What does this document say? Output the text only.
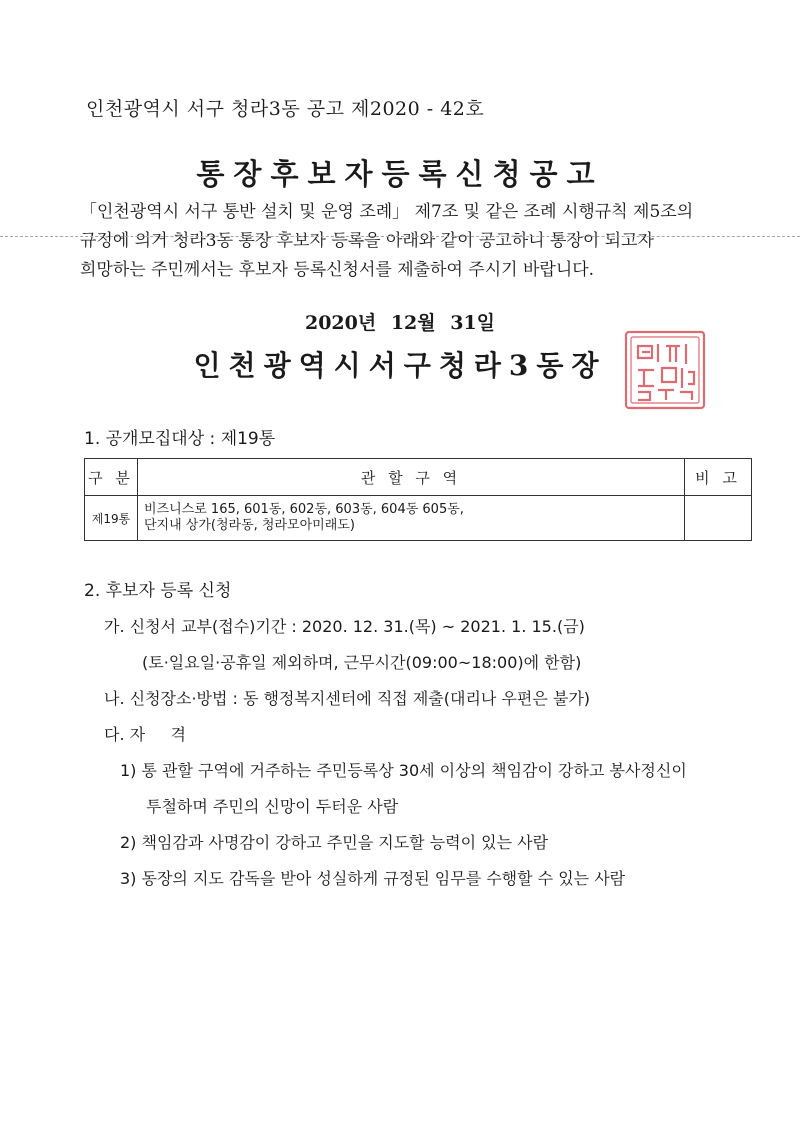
인천광역시 서구 청라3동 공고 제2020 - 42호
통장후보자등록신청공고

「인천광역시 서구 통반 설치 및 운영 조례」 제7조 및 같은 조례 시행규칙 제5조의

규정에 의거 청라3동 통장 후보자 등록을 아래와 같이 공고하니 통장이 되고자

희망하는 주민께서는 후보자 등록신청서를 제출하여 주시기 바랍니다.

2020년 12월 31일
인천광역시서구청라3동장
1. 공개모집대상 : 제19통
구 분	관 할 구 역	비 고
제19통	비즈니스로 165, 601동, 602동, 603동, 604동 605동,
단지내 상가(청라동, 청라모아미래도)	

2. 후보자 등록 신청
가. 신청서 교부(접수)기간 : 2020. 12. 31.(목) ~ 2021. 1. 15.(금)
(토·일요일·공휴일 제외하며, 근무시간(09:00~18:00)에 한함)
나. 신청장소·방법 : 동 행정복지센터에 직접 제출(대리나 우편은 불가)
다. 자     격
1) 통 관할 구역에 거주하는 주민등록상 30세 이상의 책임감이 강하고 봉사정신이
투철하며 주민의 신망이 두터운 사람
2) 책임감과 사명감이 강하고 주민을 지도할 능력이 있는 사람
3) 동장의 지도 감독을 받아 성실하게 규정된 임무를 수행할 수 있는 사람
